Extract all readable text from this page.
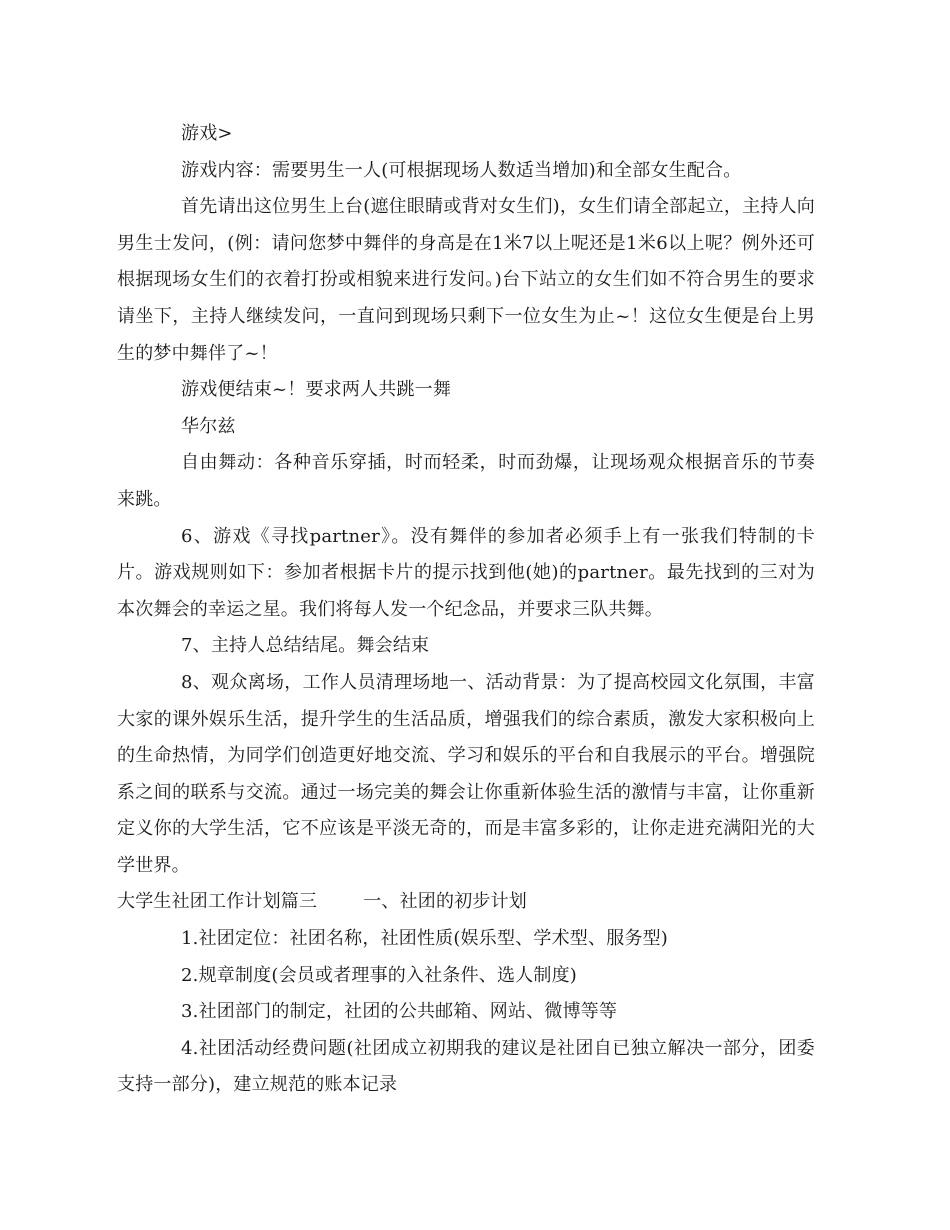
游戏>

游戏内容：需要男生一人(可根据现场人数适当增加)和全部女生配合。

首先请出这位男生上台(遮住眼睛或背对女生们)，女生们请全部起立，主持人向男生士发问，(例：请问您梦中舞伴的身高是在1米7以上呢还是1米6以上呢？例外还可根据现场女生们的衣着打扮或相貌来进行发问。)台下站立的女生们如不符合男生的要求请坐下，主持人继续发问，一直问到现场只剩下一位女生为止~！这位女生便是台上男生的梦中舞伴了~！

游戏便结束~！要求两人共跳一舞

华尔兹

自由舞动：各种音乐穿插，时而轻柔，时而劲爆，让现场观众根据音乐的节奏来跳。

6、游戏《寻找partner》。没有舞伴的参加者必须手上有一张我们特制的卡片。游戏规则如下：参加者根据卡片的提示找到他(她)的partner。最先找到的三对为本次舞会的幸运之星。我们将每人发一个纪念品，并要求三队共舞。

7、主持人总结结尾。舞会结束

8、观众离场，工作人员清理场地一、活动背景：为了提高校园文化氛围，丰富大家的课外娱乐生活，提升学生的生活品质，增强我们的综合素质，激发大家积极向上的生命热情，为同学们创造更好地交流、学习和娱乐的平台和自我展示的平台。增强院系之间的联系与交流。通过一场完美的舞会让你重新体验生活的激情与丰富，让你重新定义你的大学生活，它不应该是平淡无奇的，而是丰富多彩的，让你走进充满阳光的大学世界。

大学生社团工作计划篇三	一、社团的初步计划

1.社团定位：社团名称，社团性质(娱乐型、学术型、服务型)

2.规章制度(会员或者理事的入社条件、选人制度)

3.社团部门的制定，社团的公共邮箱、网站、微博等等

4.社团活动经费问题(社团成立初期我的建议是社团自已独立解决一部分，团委支持一部分)，建立规范的账本记录
